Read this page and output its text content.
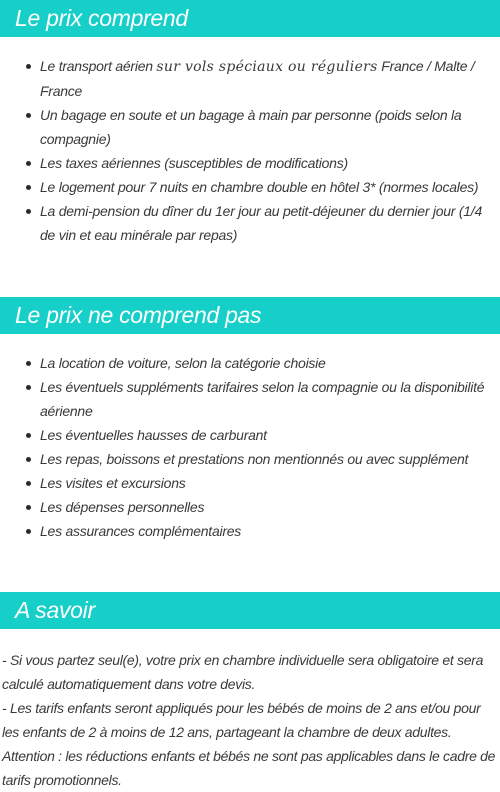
Le prix comprend
Le transport aérien sur vols spéciaux ou réguliers France / Malte / France
Un bagage en soute et un bagage à main par personne (poids selon la compagnie)
Les taxes aériennes (susceptibles de modifications)
Le logement pour 7 nuits en chambre double en hôtel 3* (normes locales)
La demi-pension du dîner du 1er jour au petit-déjeuner du dernier jour (1/4 de vin et eau minérale par repas)
Le prix ne comprend pas
La location de voiture, selon la catégorie choisie
Les éventuels suppléments tarifaires selon la compagnie ou la disponibilité aérienne
Les éventuelles hausses de carburant
Les repas, boissons et prestations non mentionnés ou avec supplément
Les visites et excursions
Les dépenses personnelles
Les assurances complémentaires
A savoir

- Si vous partez seul(e), votre prix en chambre individuelle sera obligatoire et sera calculé automatiquement dans votre devis.

- Les tarifs enfants seront appliqués pour les bébés de moins de 2 ans et/ou pour les enfants de 2 à moins de 12 ans, partageant la chambre de deux adultes.

Attention : les réductions enfants et bébés ne sont pas applicables dans le cadre de tarifs promotionnels.
